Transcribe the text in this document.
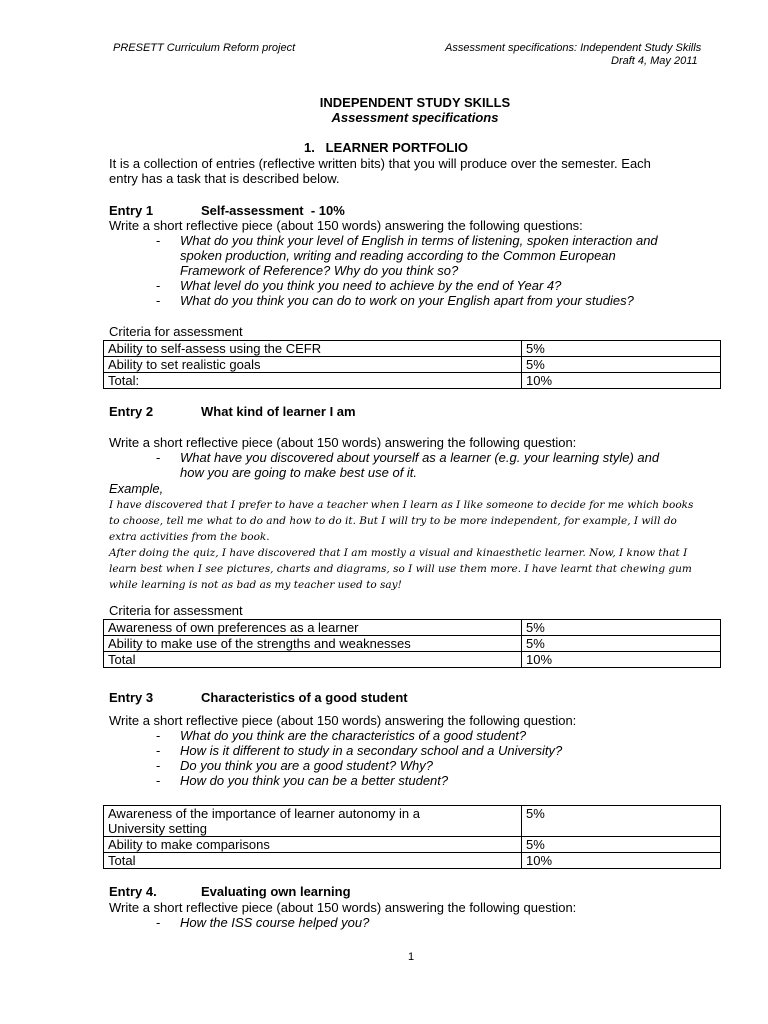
PRESETT Curriculum Reform project	Assessment specifications: Independent Study Skills
Draft 4, May 2011
INDEPENDENT STUDY SKILLS
Assessment specifications
1.   LEARNER PORTFOLIO
It is a collection of entries (reflective written bits) that you will produce over the semester. Each
entry has a task that is described below.
Entry 1	Self-assessment  - 10%
Write a short reflective piece (about 150 words) answering the following questions:
- What do you think your level of English in terms of listening, spoken interaction and
spoken production, writing and reading according to the Common European
Framework of Reference? Why do you think so?
- What level do you think you need to achieve by the end of Year 4?
- What do you think you can do to work on your English apart from your studies?
Criteria for assessment
Ability to self-assess using the CEFR	5%
Ability to set realistic goals	5%
Total:	10%
Entry 2	What kind of learner I am
Write a short reflective piece (about 150 words) answering the following question:
- What have you discovered about yourself as a learner (e.g. your learning style) and
how you are going to make best use of it.
Example,
I have discovered that I prefer to have a teacher when I learn as I like someone to decide for me which books
to choose, tell me what to do and how to do it. But I will try to be more independent, for example, I will do
extra activities from the book.
After doing the quiz, I have discovered that I am mostly a visual and kinaesthetic learner. Now, I know that I
learn best when I see pictures, charts and diagrams, so I will use them more. I have learnt that chewing gum
while learning is not as bad as my teacher used to say!
Criteria for assessment
Awareness of own preferences as a learner	5%
Ability to make use of the strengths and weaknesses	5%
Total	10%
Entry 3	Characteristics of a good student
Write a short reflective piece (about 150 words) answering the following question:
- What do you think are the characteristics of a good student?
- How is it different to study in a secondary school and a University?
- Do you think you are a good student? Why?
- How do you think you can be a better student?
Awareness of the importance of learner autonomy in a
University setting	5%
Ability to make comparisons	5%
Total	10%
Entry 4.	Evaluating own learning
Write a short reflective piece (about 150 words) answering the following question:
- How the ISS course helped you?
1
